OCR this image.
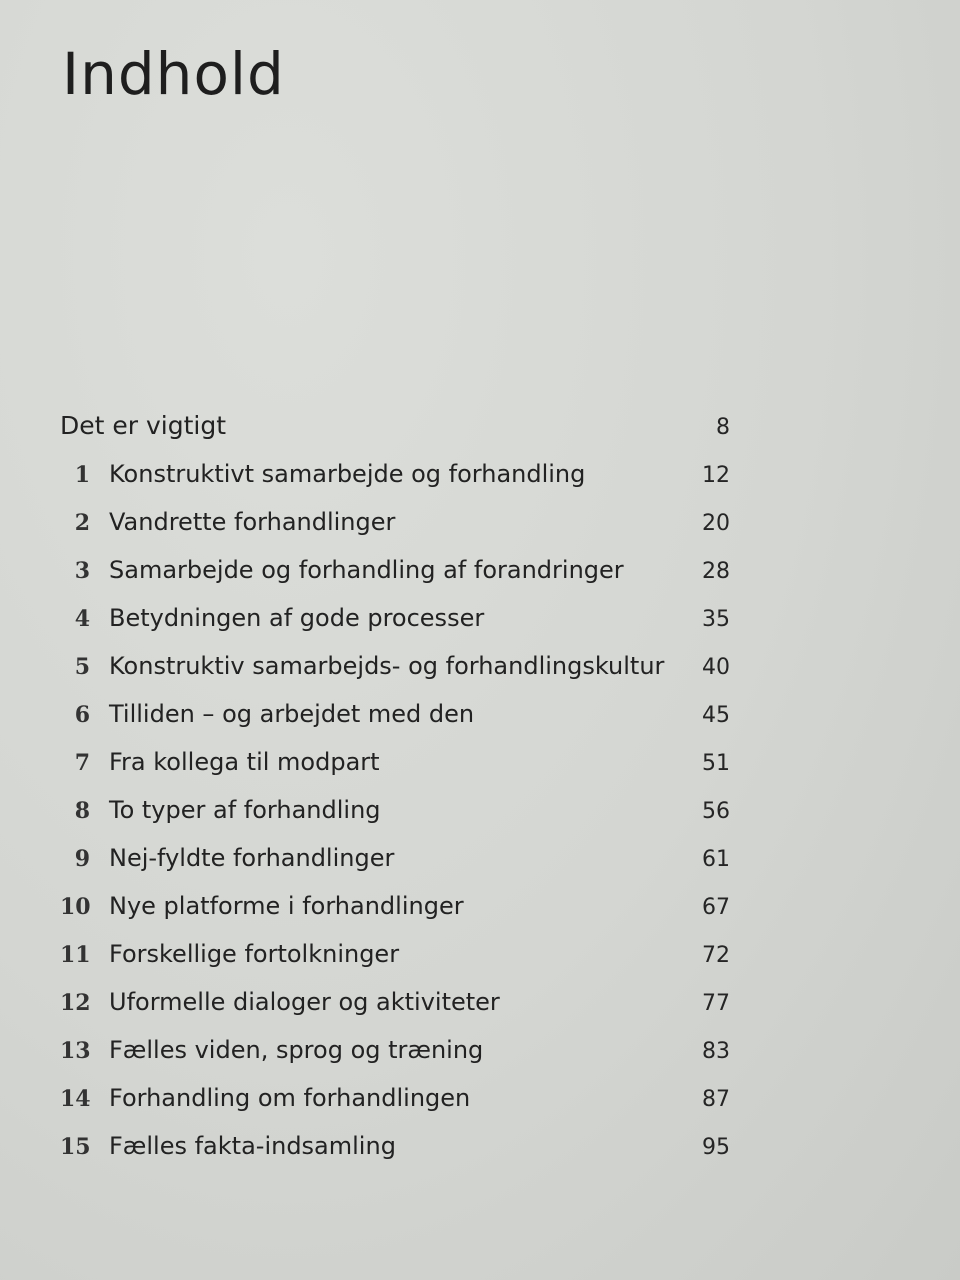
Indhold
Det er vigtigt	8
1 Konstruktivt samarbejde og forhandling	12
2 Vandrette forhandlinger	20
3 Samarbejde og forhandling af forandringer	28
4 Betydningen af gode processer	35
5 Konstruktiv samarbejds- og forhandlingskultur 40
6 Tilliden – og arbejdet med den	45
7 Fra kollega til modpart	51
8 To typer af forhandling	56
9 Nej-fyldte forhandlinger	61
10 Nye platforme i forhandlinger	67
11 Forskellige fortolkninger	72
12 Uformelle dialoger og aktiviteter	77
13 Fælles viden, sprog og træning	83
14 Forhandling om forhandlingen	87
15 Fælles fakta-indsamling	95
